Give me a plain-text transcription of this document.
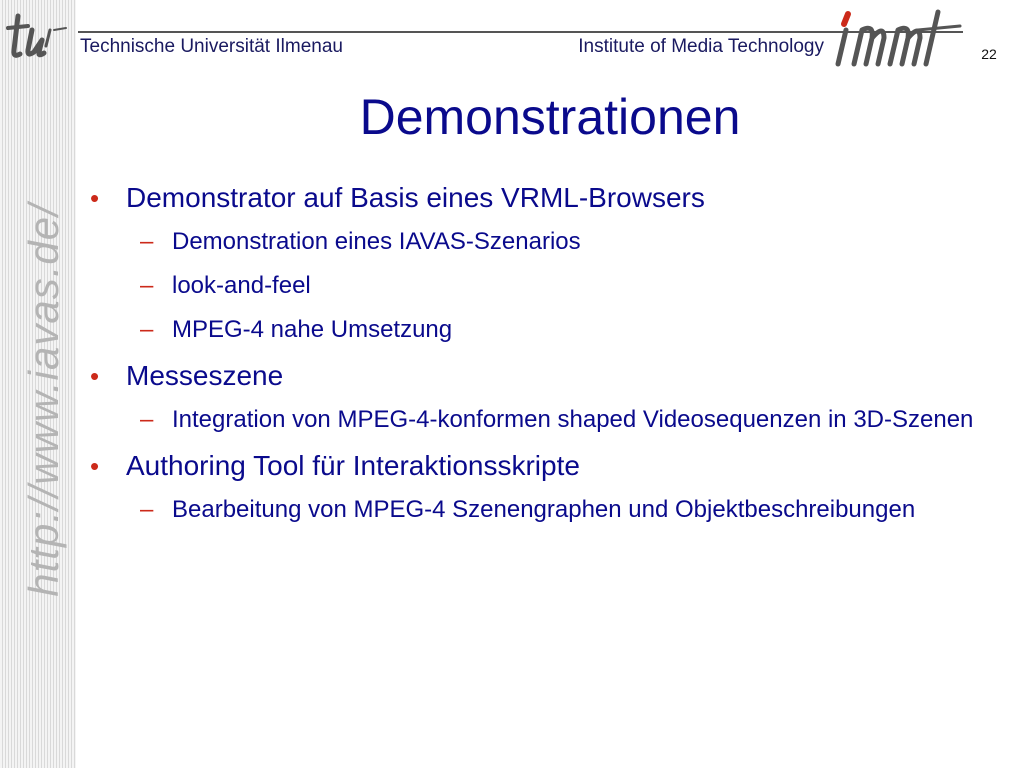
http://www.iavas.de/
Technische Universität Ilmenau	Institute of Media Technology	22
Demonstrationen
• Demonstrator auf Basis eines VRML-Browsers
– Demonstration eines IAVAS-Szenarios
– look-and-feel
– MPEG-4 nahe Umsetzung
• Messeszene
– Integration von MPEG-4-konformen shaped Videosequenzen in 3D-Szenen
• Authoring Tool für Interaktionsskripte
– Bearbeitung von MPEG-4 Szenengraphen und Objektbeschreibungen
